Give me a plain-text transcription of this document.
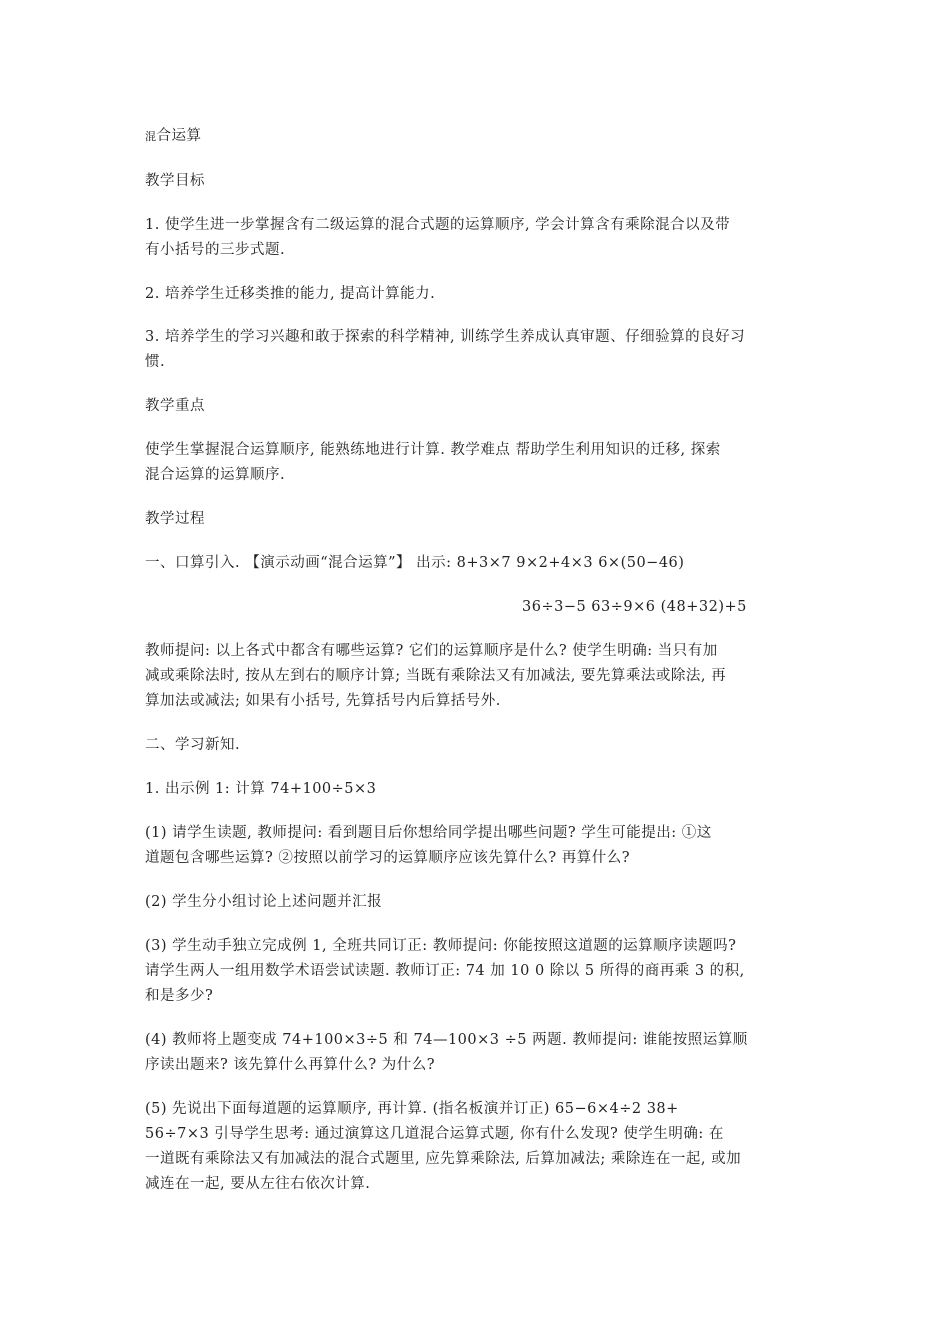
混合运算
教学目标
1. 使学生进一步掌握含有二级运算的混合式题的运算顺序, 学会计算含有乘除混合以及带
有小括号的三步式题.
2. 培养学生迁移类推的能力, 提高计算能力.
3. 培养学生的学习兴趣和敢于探索的科学精神, 训练学生养成认真审题、仔细验算的良好习
惯.
教学重点
使学生掌握混合运算顺序, 能熟练地进行计算. 教学难点 帮助学生利用知识的迁移, 探索
混合运算的运算顺序.
教学过程
一、口算引入. 【演示动画“混合运算”】 出示: 8+3×7 9×2+4×3 6×(50−46)
36÷3−5 63÷9×6 (48+32)+5
教师提问: 以上各式中都含有哪些运算? 它们的运算顺序是什么? 使学生明确: 当只有加
减或乘除法时, 按从左到右的顺序计算; 当既有乘除法又有加减法, 要先算乘法或除法, 再
算加法或减法; 如果有小括号, 先算括号内后算括号外.
二、学习新知.
1. 出示例 1: 计算 74+100÷5×3
(1) 请学生读题, 教师提问: 看到题目后你想给同学提出哪些问题? 学生可能提出: ①这
道题包含哪些运算? ②按照以前学习的运算顺序应该先算什么? 再算什么?
(2) 学生分小组讨论上述问题并汇报
(3) 学生动手独立完成例 1, 全班共同订正: 教师提问: 你能按照这道题的运算顺序读题吗?
请学生两人一组用数学术语尝试读题. 教师订正: 74 加 10 0 除以 5 所得的商再乘 3 的积,
和是多少?
(4) 教师将上题变成 74+100×3÷5 和 74—100×3 ÷5 两题. 教师提问: 谁能按照运算顺
序读出题来? 该先算什么再算什么? 为什么?
(5) 先说出下面每道题的运算顺序, 再计算. (指名板演并订正) 65−6×4÷2 38+
56÷7×3 引导学生思考: 通过演算这几道混合运算式题, 你有什么发现? 使学生明确: 在
一道既有乘除法又有加减法的混合式题里, 应先算乘除法, 后算加减法; 乘除连在一起, 或加
减连在一起, 要从左往右依次计算.
